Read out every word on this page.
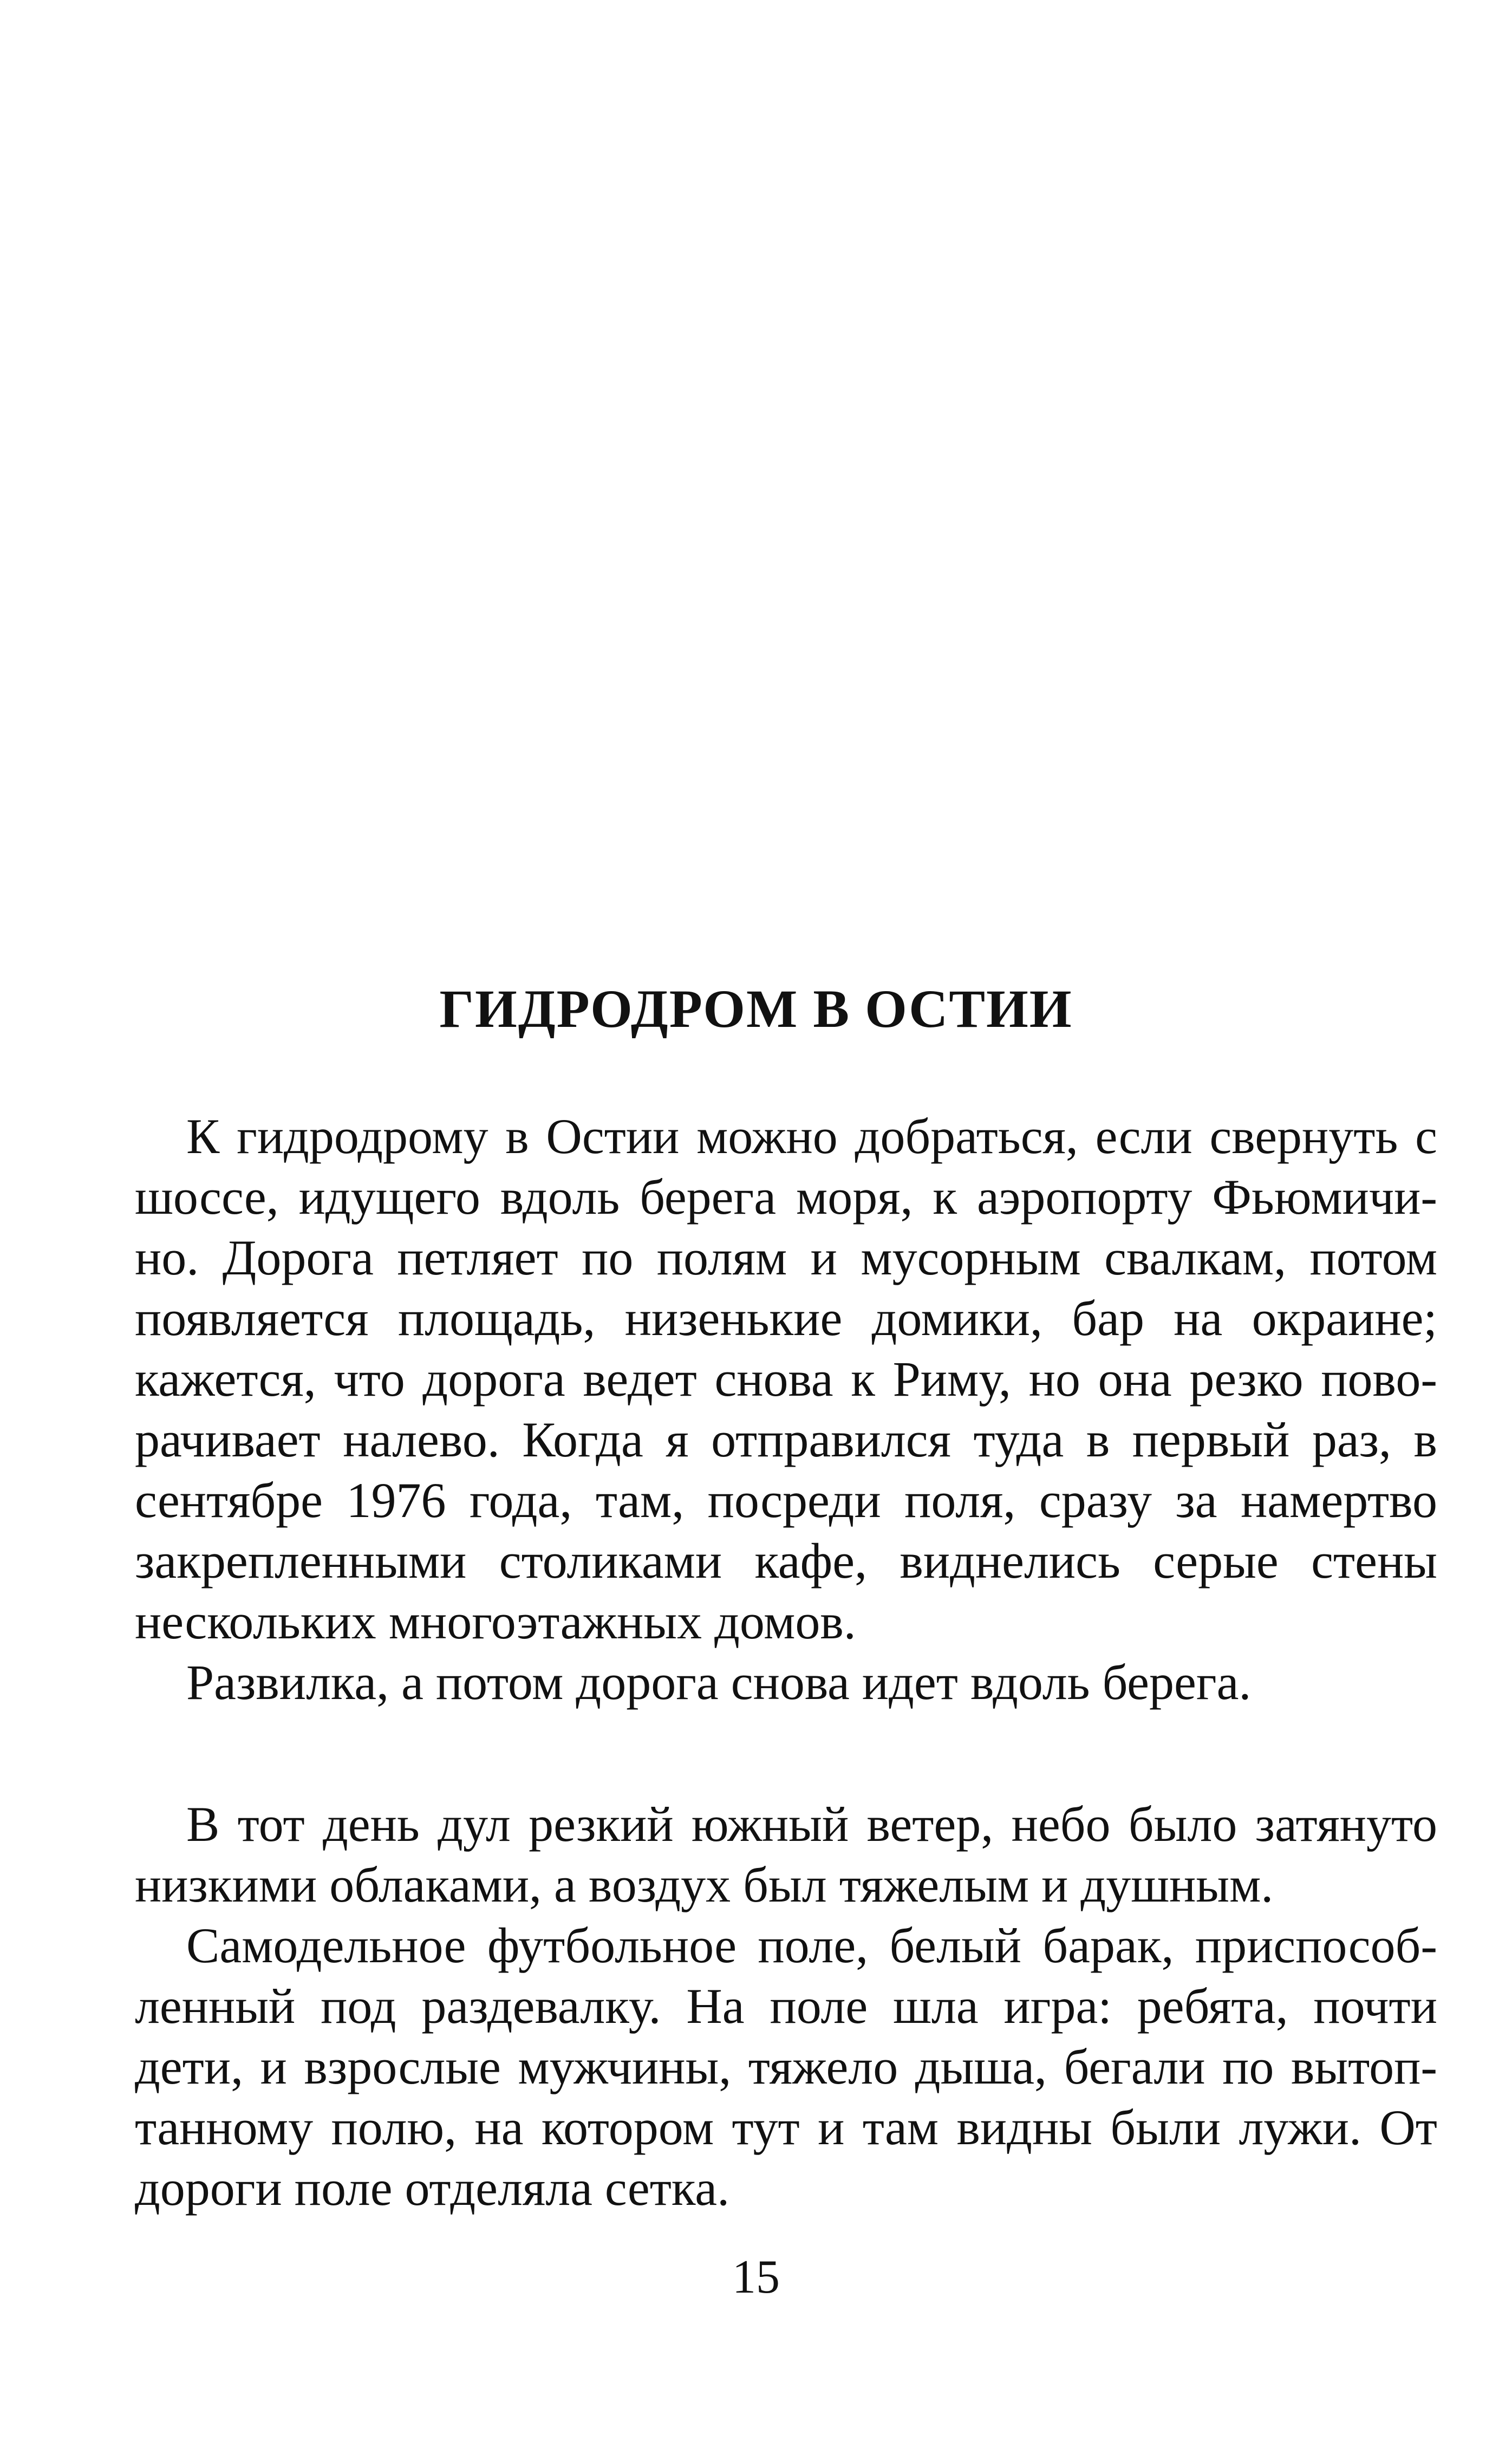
ГИДРОДРОМ В ОСТИИ
К гидродрому в Остии можно добраться, если свернуть с
шоссе, идущего вдоль берега моря, к аэропорту Фьюмичи-
но. Дорога петляет по полям и мусорным свалкам, потом
появляется площадь, низенькие домики, бар на окраине;
кажется, что дорога ведет снова к Риму, но она резко пово-
рачивает налево. Когда я отправился туда в первый раз, в
сентябре 1976 года, там, посреди поля, сразу за намертво
закрепленными столиками кафе, виднелись серые стены
нескольких многоэтажных домов.
Развилка, а потом дорога снова идет вдоль берега.
В тот день дул резкий южный ветер, небо было затянуто
низкими облаками, а воздух был тяжелым и душным.
Самодельное футбольное поле, белый барак, приспособ-
ленный под раздевалку. На поле шла игра: ребята, почти
дети, и взрослые мужчины, тяжело дыша, бегали по вытоп-
танному полю, на котором тут и там видны были лужи. От
дороги поле отделяла сетка.
15
